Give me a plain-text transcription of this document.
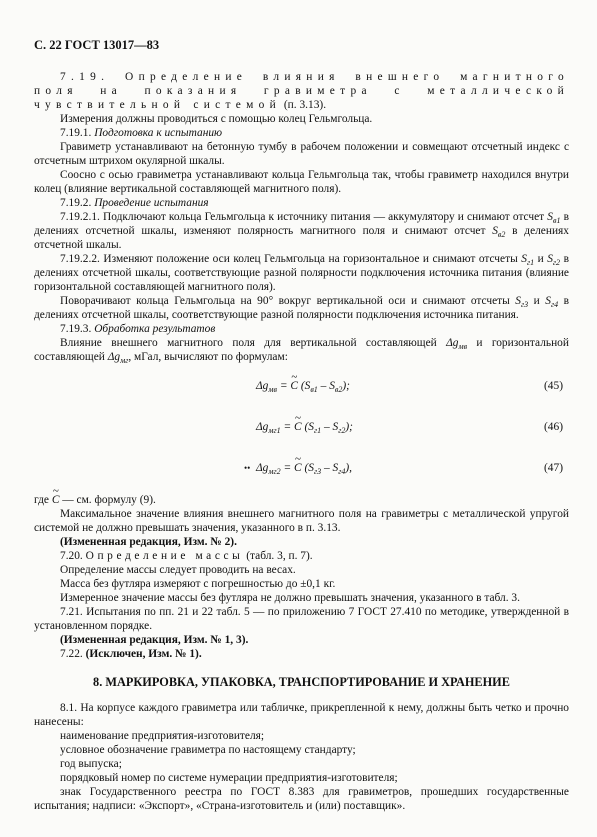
С. 22 ГОСТ 13017—83

7.19. Определение влияния внешнего магнитного поля на показания гравиметра с металлической чувствительной системой (п. 3.13).

Измерения должны проводиться с помощью колец Гельмгольца.

7.19.1. Подготовка к испытанию

Гравиметр устанавливают на бетонную тумбу в рабочем положении и совмещают отсчетный индекс с отсчетным штрихом окулярной шкалы.

Соосно с осью гравиметра устанавливают кольца Гельмгольца так, чтобы гравиметр находился внутри колец (влияние вертикальной составляющей магнитного поля).

7.19.2. Проведение испытания

7.19.2.1. Подключают кольца Гельмгольца к источнику питания — аккумулятору и снимают отсчет $S_{в1}$ в делениях отсчетной шкалы, изменяют полярность магнитного поля и снимают отсчет $S_{в2}$ в делениях отсчетной шкалы.

7.19.2.2. Изменяют положение оси колец Гельмгольца на горизонтальное и снимают отсчеты $S_{г1}$ и $S_{г2}$ в делениях отсчетной шкалы, соответствующие разной полярности подключения источника питания (влияние горизонтальной составляющей магнитного поля).

Поворачивают кольца Гельмгольца на 90° вокруг вертикальной оси и снимают отсчеты $S_{г3}$ и $S_{г4}$ в делениях отсчетной шкалы, соответствующие разной полярности подключения источника питания.

7.19.3. Обработка результатов

Влияние внешнего магнитного поля для вертикальной составляющей $\Delta g_{мв}$ и горизонтальной составляющей $\Delta g_{мг}$, мГал, вычисляют по формулам:

$\Delta g_{мв}$ = ~ C $(S_{в1} - S_{в2})$;	(45)
$\Delta g_{мг1}$ = ~ C $(S_{г1} - S_{г2})$;	(46)
•• $\Delta g_{мг2}$ = ~ C $(S_{г3} - S_{г4})$,	(47)

где ~ C — см. формулу (9).

Максимальное значение влияния внешнего магнитного поля на гравиметры с металлической упругой системой не должно превышать значения, указанного в п. 3.13.

(Измененная редакция, Изм. № 2).

7.20. Определение массы (табл. 3, п. 7).

Определение массы следует проводить на весах.

Масса без футляра измеряют с погрешностью до ±0,1 кг.

Измеренное значение массы без футляра не должно превышать значения, указанного в табл. 3.

7.21. Испытания по пп. 21 и 22 табл. 5 — по приложению 7 ГОСТ 27.410 по методике, утвержденной в установленном порядке.

(Измененная редакция, Изм. № 1, 3).

7.22. (Исключен, Изм. № 1).

8. МАРКИРОВКА, УПАКОВКА, ТРАНСПОРТИРОВАНИЕ И ХРАНЕНИЕ

8.1. На корпусе каждого гравиметра или табличке, прикрепленной к нему, должны быть четко и прочно нанесены:

наименование предприятия-изготовителя;

условное обозначение гравиметра по настоящему стандарту;

год выпуска;

порядковый номер по системе нумерации предприятия-изготовителя;

знак Государственного реестра по ГОСТ 8.383 для гравиметров, прошедших государственные испытания; надписи: «Экспорт», «Страна-изготовитель и (или) поставщик».
